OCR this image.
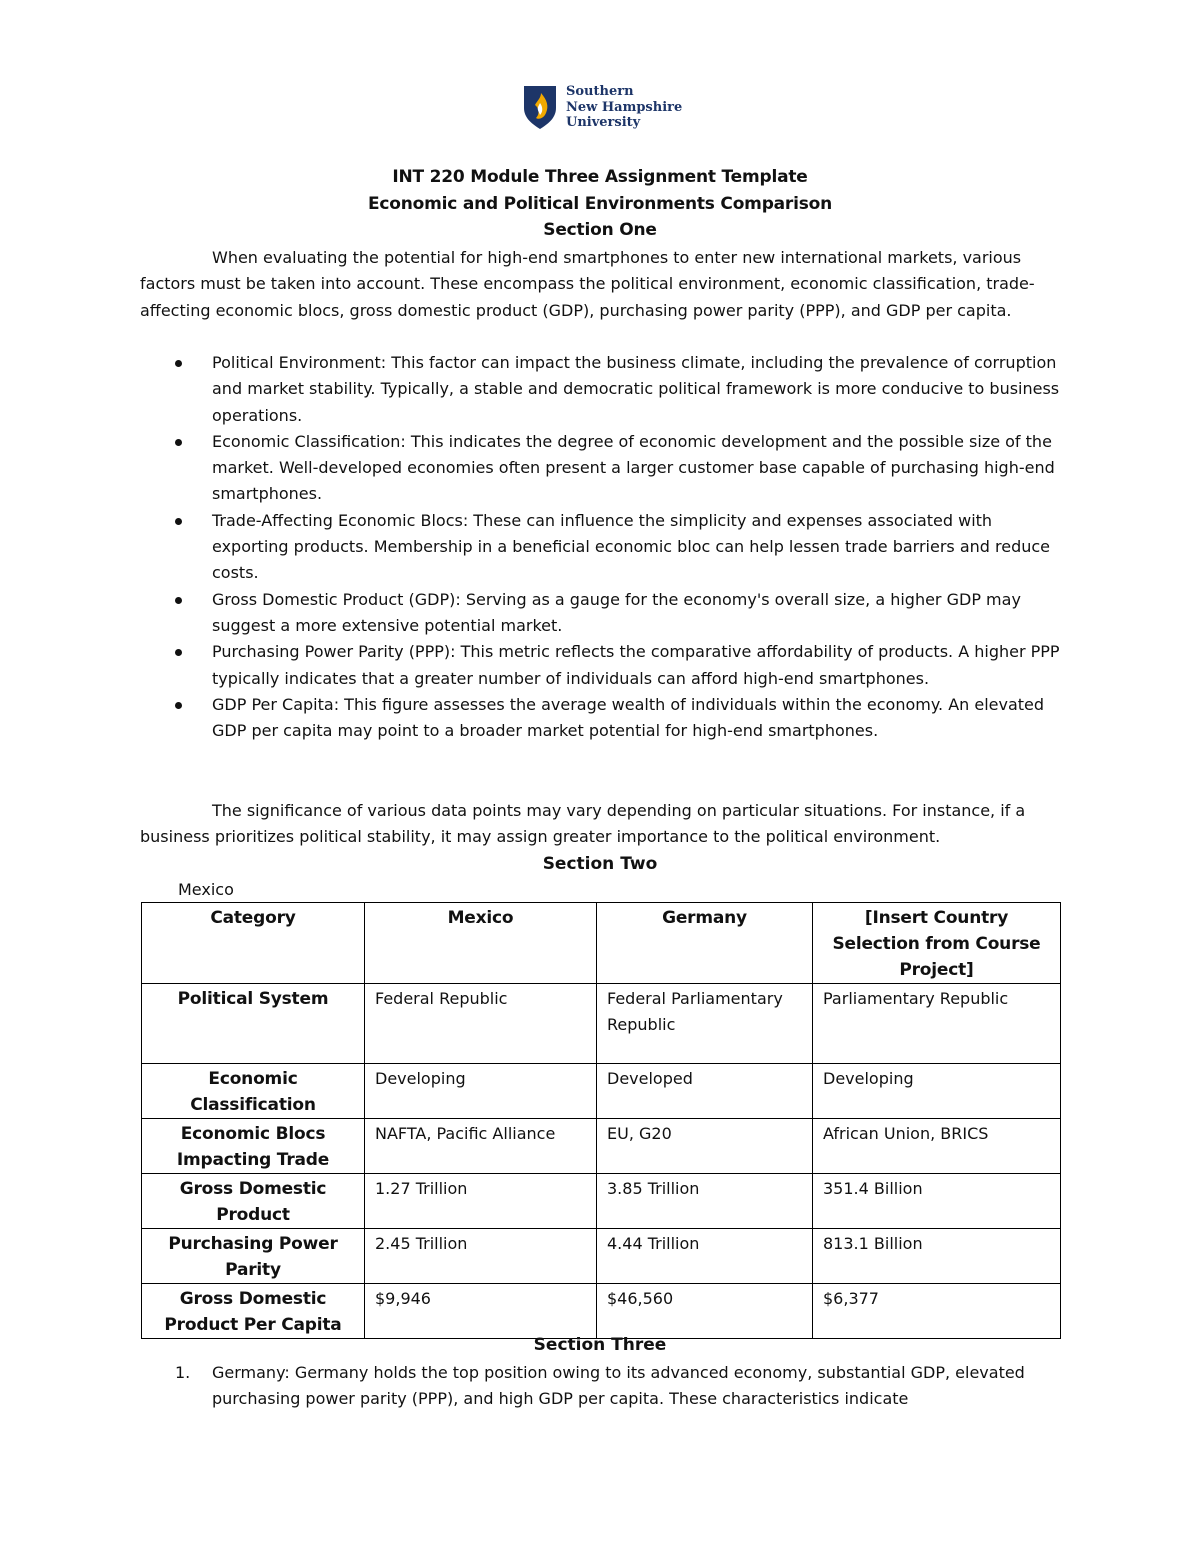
Southern
New Hampshire
University
INT 220 Module Three Assignment Template
Economic and Political Environments Comparison
Section One
When evaluating the potential for high-end smartphones to enter new international markets, various factors must be taken into account. These encompass the political environment, economic classification, trade-affecting economic blocs, gross domestic product (GDP), purchasing power parity (PPP), and GDP per capita.
Political Environment: This factor can impact the business climate, including the prevalence of corruption and market stability. Typically, a stable and democratic political framework is more conducive to business operations.
Economic Classification: This indicates the degree of economic development and the possible size of the market. Well-developed economies often present a larger customer base capable of purchasing high-end smartphones.
Trade-Affecting Economic Blocs: These can influence the simplicity and expenses associated with exporting products. Membership in a beneficial economic bloc can help lessen trade barriers and reduce costs.
Gross Domestic Product (GDP): Serving as a gauge for the economy's overall size, a higher GDP may suggest a more extensive potential market.
Purchasing Power Parity (PPP): This metric reflects the comparative affordability of products. A higher PPP typically indicates that a greater number of individuals can afford high-end smartphones.
GDP Per Capita: This figure assesses the average wealth of individuals within the economy. An elevated GDP per capita may point to a broader market potential for high-end smartphones.
The significance of various data points may vary depending on particular situations. For instance, if a business prioritizes political stability, it may assign greater importance to the political environment.
Section Two
Mexico
Category	Mexico	Germany	[Insert Country Selection from Course Project]
Political System	Federal Republic	Federal Parliamentary Republic	Parliamentary Republic
Economic Classification	Developing	Developed	Developing
Economic Blocs Impacting Trade	NAFTA, Pacific Alliance	EU, G20	African Union, BRICS
Gross Domestic Product	1.27 Trillion	3.85 Trillion	351.4 Billion
Purchasing Power Parity	2.45 Trillion	4.44 Trillion	813.1 Billion
Gross Domestic Product Per Capita	$9,946	$46,560	$6,377
Section Three
1. Germany: Germany holds the top position owing to its advanced economy, substantial GDP, elevated purchasing power parity (PPP), and high GDP per capita. These characteristics indicate
